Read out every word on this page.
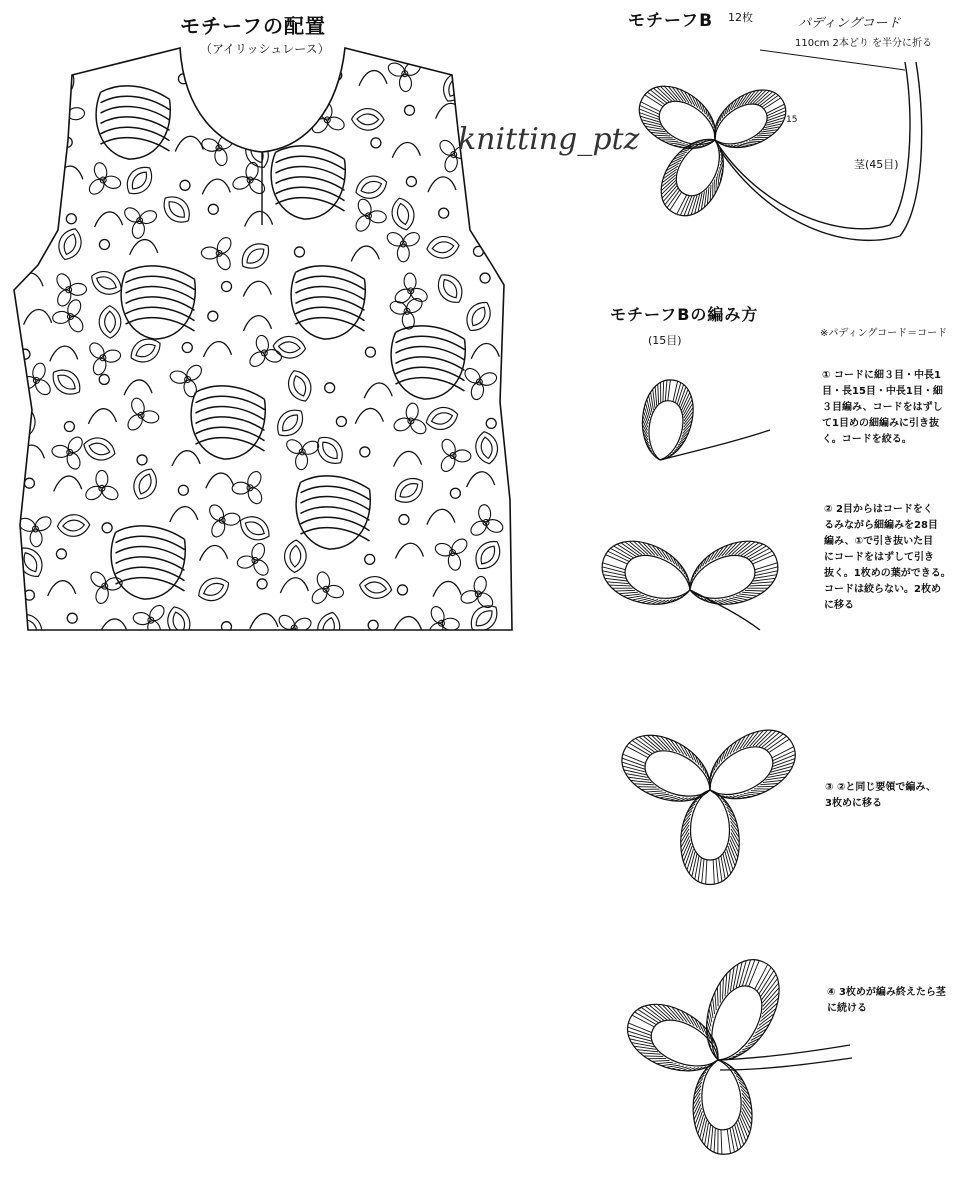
モチーフの配置
（アイリッシュレース）
knitting_ptz
モチーフB 12枚	パディングコード
110cm 2本どり を半分に折る
茎(45目)
15
モチーフBの編み方
※パディングコード＝コード
(15目)
① コードに細３目・中長1
目・長15目・中長1目・細
３目編み、コードをはずし
て1目めの細編みに引き抜
く。コードを絞る。
② 2目からはコードをく
るみながら細編みを28目
編み、①で引き抜いた目
にコードをはずして引き
抜く。1枚めの葉ができる。
コードは絞らない。2枚め
に移る
③ ②と同じ要領で編み、
3枚めに移る
④ 3枚めが編み終えたら茎
に続ける
